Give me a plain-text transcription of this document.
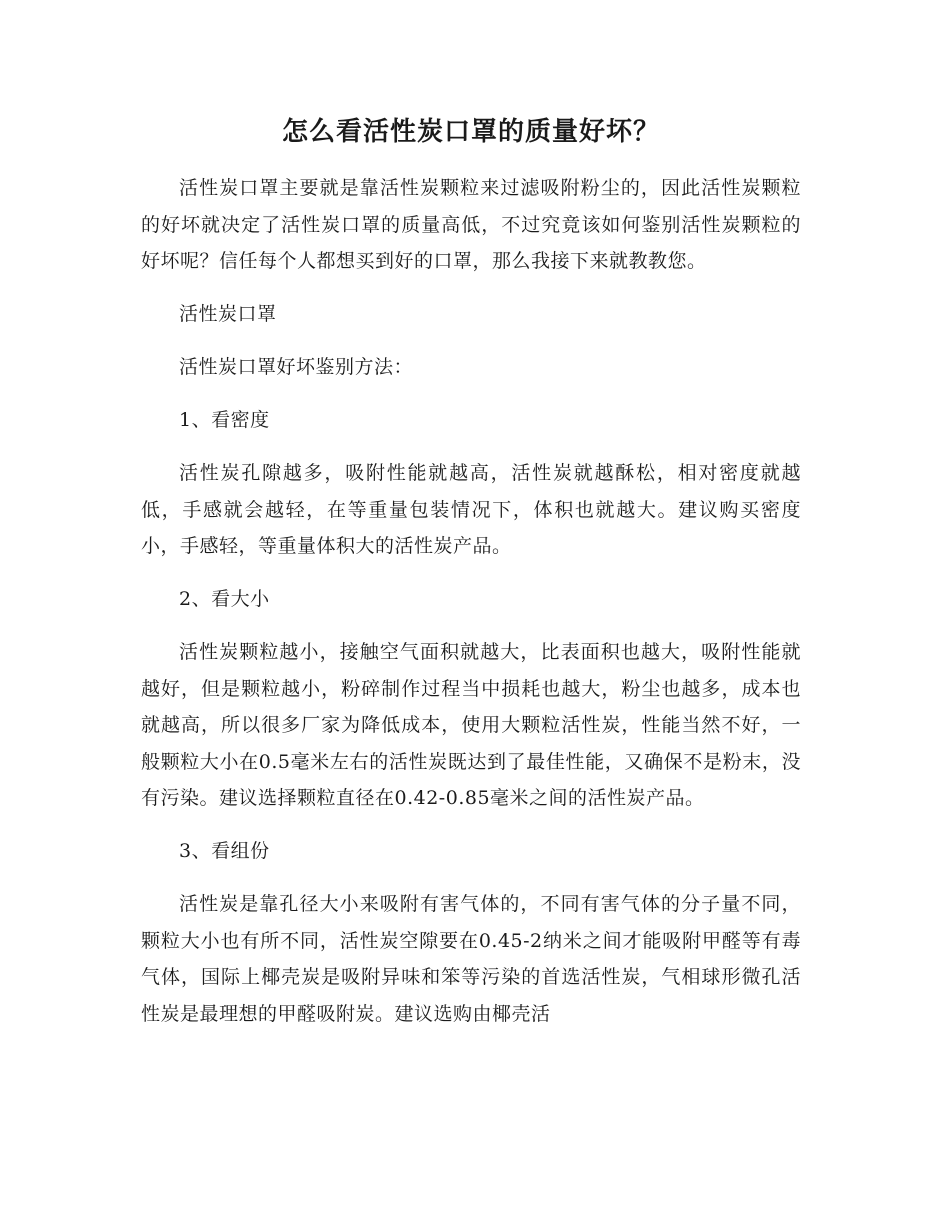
怎么看活性炭口罩的质量好坏？

活性炭口罩主要就是靠活性炭颗粒来过滤吸附粉尘的，因此活性炭颗粒的好坏就决定了活性炭口罩的质量高低，不过究竟该如何鉴别活性炭颗粒的好坏呢？信任每个人都想买到好的口罩，那么我接下来就教教您。

活性炭口罩

活性炭口罩好坏鉴别方法：

1、看密度

活性炭孔隙越多，吸附性能就越高，活性炭就越酥松，相对密度就越低，手感就会越轻，在等重量包装情况下，体积也就越大。建议购买密度小，手感轻，等重量体积大的活性炭产品。

2、看大小

活性炭颗粒越小，接触空气面积就越大，比表面积也越大，吸附性能就越好，但是颗粒越小，粉碎制作过程当中损耗也越大，粉尘也越多，成本也就越高，所以很多厂家为降低成本，使用大颗粒活性炭，性能当然不好，一般颗粒大小在0.5毫米左右的活性炭既达到了最佳性能，又确保不是粉末，没有污染。建议选择颗粒直径在0.42-0.85毫米之间的活性炭产品。

3、看组份

活性炭是靠孔径大小来吸附有害气体的，不同有害气体的分子量不同，颗粒大小也有所不同，活性炭空隙要在0.45-2纳米之间才能吸附甲醛等有毒气体，国际上椰壳炭是吸附异味和笨等污染的首选活性炭，气相球形微孔活性炭是最理想的甲醛吸附炭。建议选购由椰壳活
